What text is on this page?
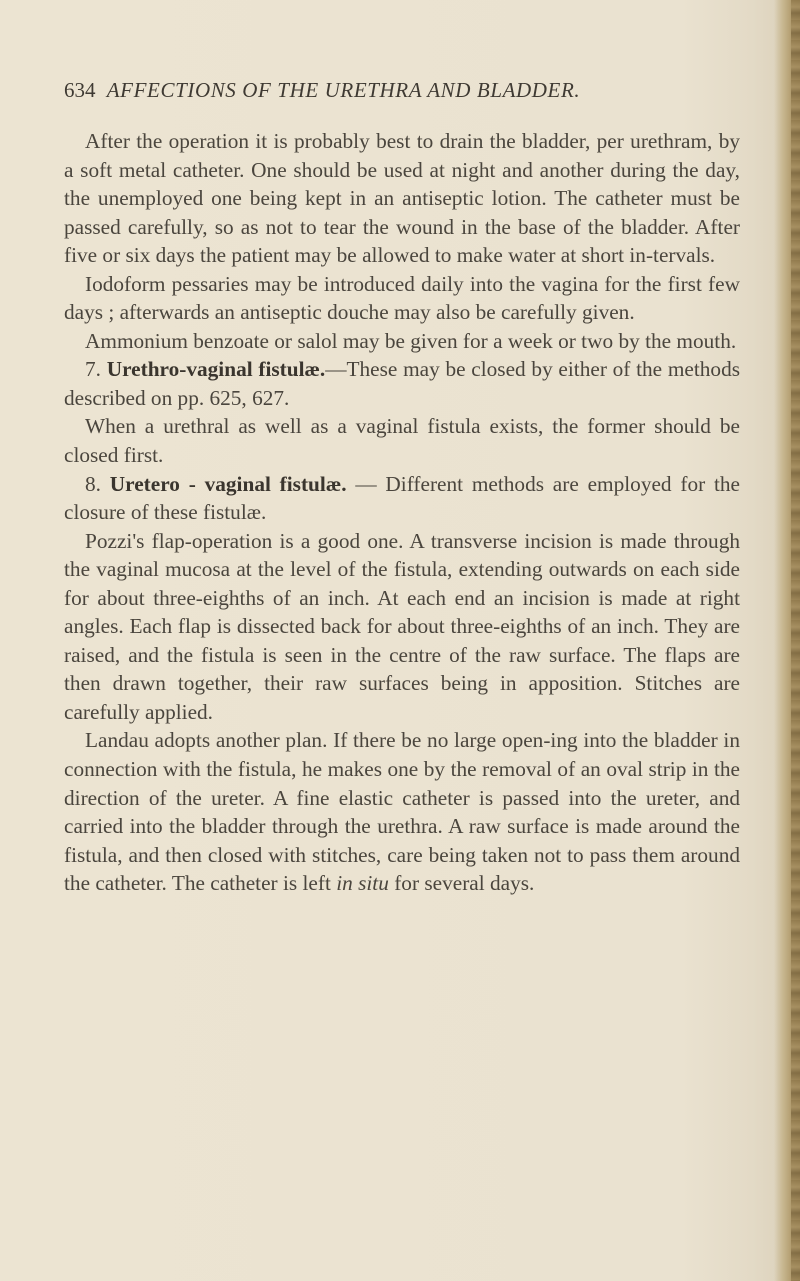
634 AFFECTIONS OF THE URETHRA AND BLADDER.

After the operation it is probably best to drain the bladder, per urethram, by a soft metal catheter. One should be used at night and another during the day, the unemployed one being kept in an antiseptic lotion. The catheter must be passed carefully, so as not to tear the wound in the base of the bladder. After five or six days the patient may be allowed to make water at short in-tervals.

Iodoform pessaries may be introduced daily into the vagina for the first few days ; afterwards an antiseptic douche may also be carefully given.

Ammonium benzoate or salol may be given for a week or two by the mouth.

7. Urethro-vaginal fistulæ.—These may be closed by either of the methods described on pp. 625, 627.

When a urethral as well as a vaginal fistula exists, the former should be closed first.

8. Uretero - vaginal fistulæ. — Different methods are employed for the closure of these fistulæ.

Pozzi's flap-operation is a good one. A transverse incision is made through the vaginal mucosa at the level of the fistula, extending outwards on each side for about three-eighths of an inch. At each end an incision is made at right angles. Each flap is dissected back for about three-eighths of an inch. They are raised, and the fistula is seen in the centre of the raw surface. The flaps are then drawn together, their raw surfaces being in apposition. Stitches are carefully applied.

Landau adopts another plan. If there be no large open-ing into the bladder in connection with the fistula, he makes one by the removal of an oval strip in the direction of the ureter. A fine elastic catheter is passed into the ureter, and carried into the bladder through the urethra. A raw surface is made around the fistula, and then closed with stitches, care being taken not to pass them around the catheter. The catheter is left in situ for several days.
